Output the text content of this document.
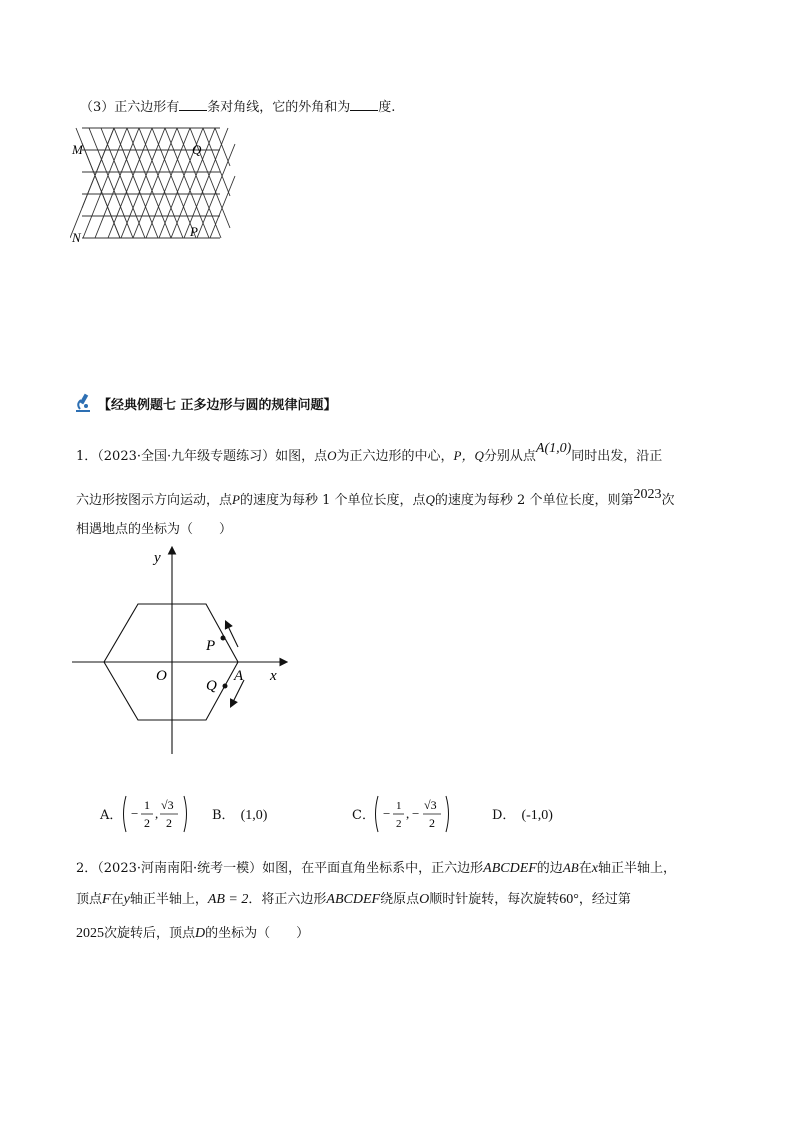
（3）正六边形有 条对角线，它的外角和为 度.
M	Q
N	P
【经典例题七 正多边形与圆的规律问题】
1．（2023·全国·九年级专题练习）如图，点O为正六边形的中心，P，Q分别从点A(1,0)同时出发，沿正
六边形按图示方向运动，点P的速度为每秒 1 个单位长度，点Q的速度为每秒 2 个单位长度，则第2023次
相遇地点的坐标为（　　）
y
x
O	A
P
Q
A． −
1
2
,
√3
2	B． (1,0)	C． − 1
2
, −
√3
2	D． (-1,0)
2．（2023·河南南阳·统考一模）如图，在平面直角坐标系中，正六边形ABCDEF的边AB在x轴正半轴上，
顶点F在y轴正半轴上，AB = 2．将正六边形ABCDEF绕原点O顺时针旋转，每次旋转60°，经过第
2025次旋转后，顶点D的坐标为（　　）
